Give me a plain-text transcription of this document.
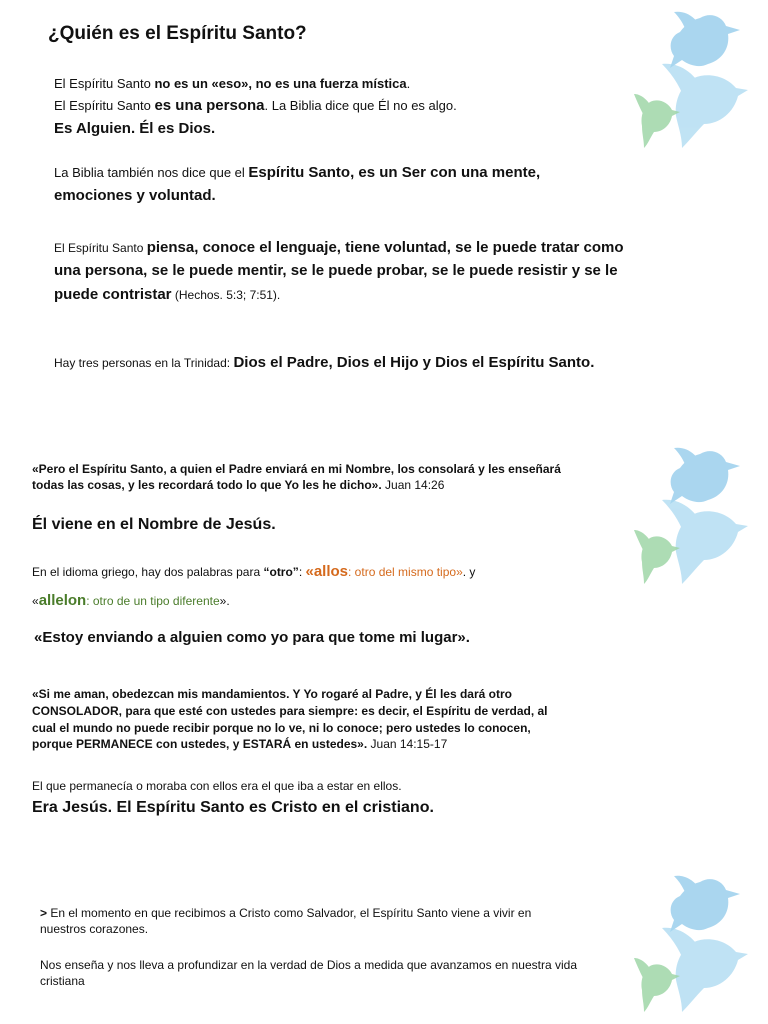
¿Quién es el Espíritu Santo?

El Espíritu Santo no es un «eso», no es una fuerza mística.

El Espíritu Santo es una persona. La Biblia dice que Él no es algo.

Es Alguien. Él es Dios.

La Biblia también nos dice que el Espíritu Santo, es un Ser con una mente, emociones y voluntad.

El Espíritu Santo piensa, conoce el lenguaje, tiene voluntad, se le puede tratar como una persona, se le puede mentir, se le puede probar, se le puede resistir y se le puede contristar (Hechos. 5:3; 7:51).

Hay tres personas en la Trinidad: Dios el Padre, Dios el Hijo y Dios el Espíritu Santo.

«Pero el Espíritu Santo, a quien el Padre enviará en mi Nombre, los consolará y les enseñará todas las cosas, y les recordará todo lo que Yo les he dicho». Juan 14:26

Él viene en el Nombre de Jesús.

En el idioma griego, hay dos palabras para “otro”: «allos: otro del mismo tipo». y
«allelon: otro de un tipo diferente».

«Estoy enviando a alguien como yo para que tome mi lugar».

«Si me aman, obedezcan mis mandamientos. Y Yo rogaré al Padre, y Él les dará otro CONSOLADOR, para que esté con ustedes para siempre: es decir, el Espíritu de verdad, al cual el mundo no puede recibir porque no lo ve, ni lo conoce; pero ustedes lo conocen, porque PERMANECE con ustedes, y ESTARÁ en ustedes». Juan 14:15-17

El que permanecía o moraba con ellos era el que iba a estar en ellos.

Era Jesús. El Espíritu Santo es Cristo en el cristiano.

> En el momento en que recibimos a Cristo como Salvador, el Espíritu Santo viene a vivir en nuestros corazones.

Nos enseña y nos lleva a profundizar en la verdad de Dios a medida que avanzamos en nuestra vida cristiana
